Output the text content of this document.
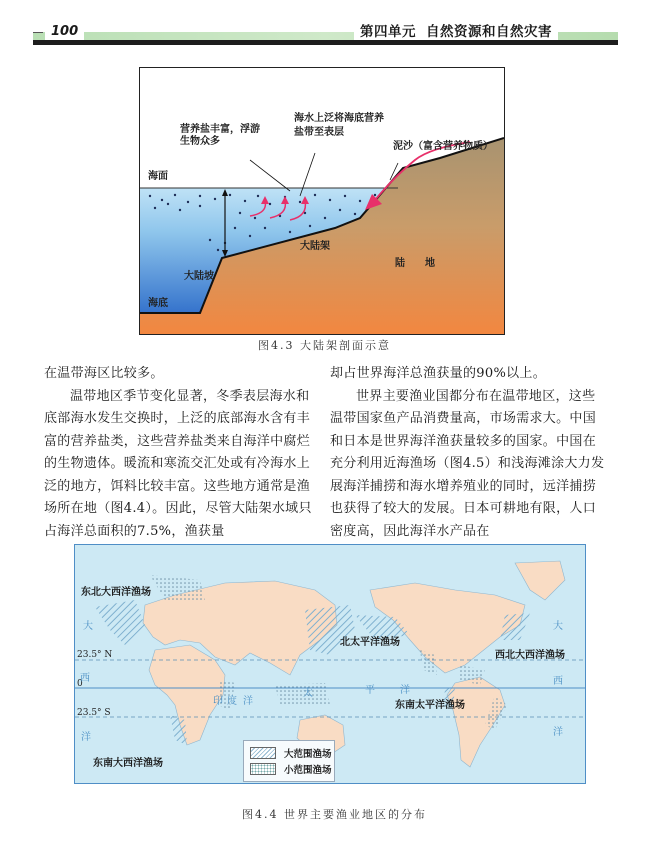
100	第四单元 自然资源和自然灾害
营养盐丰富，浮游
生物众多
海水上泛将海底营养
盐带至表层
泥沙（富含营养物质）
海面
大陆架
陆　　地
大陆坡
海底
图4.3 大陆架剖面示意

在温带海区比较多。

温带地区季节变化显著，冬季表层海水和底部海水发生交换时，上泛的底部海水含有丰富的营养盐类，这些营养盐类来自海洋中腐烂的生物遗体。暖流和寒流交汇处或有冷海水上泛的地方，饵料比较丰富。这些地方通常是渔场所在地（图4.4）。因此，尽管大陆架水域只占海洋总面积的7.5%，渔获量

却占世界海洋总渔获量的90%以上。

世界主要渔业国都分布在温带地区，这些温带国家鱼产品消费量高，市场需求大。中国和日本是世界海洋渔获量较多的国家。中国在充分利用近海渔场（图4.5）和浅海滩涂大力发展海洋捕捞和海水增养殖业的同时，远洋捕捞也获得了较大的发展。日本可耕地有限，人口密度高，因此海洋水产品在

东北大西洋渔场
北太平洋渔场
西北大西洋渔场
东南太平洋渔场
东南大西洋渔场
23.5° N
0
23.5° S
大
西
洋
印 度 洋
太	平	洋
大
西
洋
大范围渔场
小范围渔场
图4.4 世界主要渔业地区的分布
